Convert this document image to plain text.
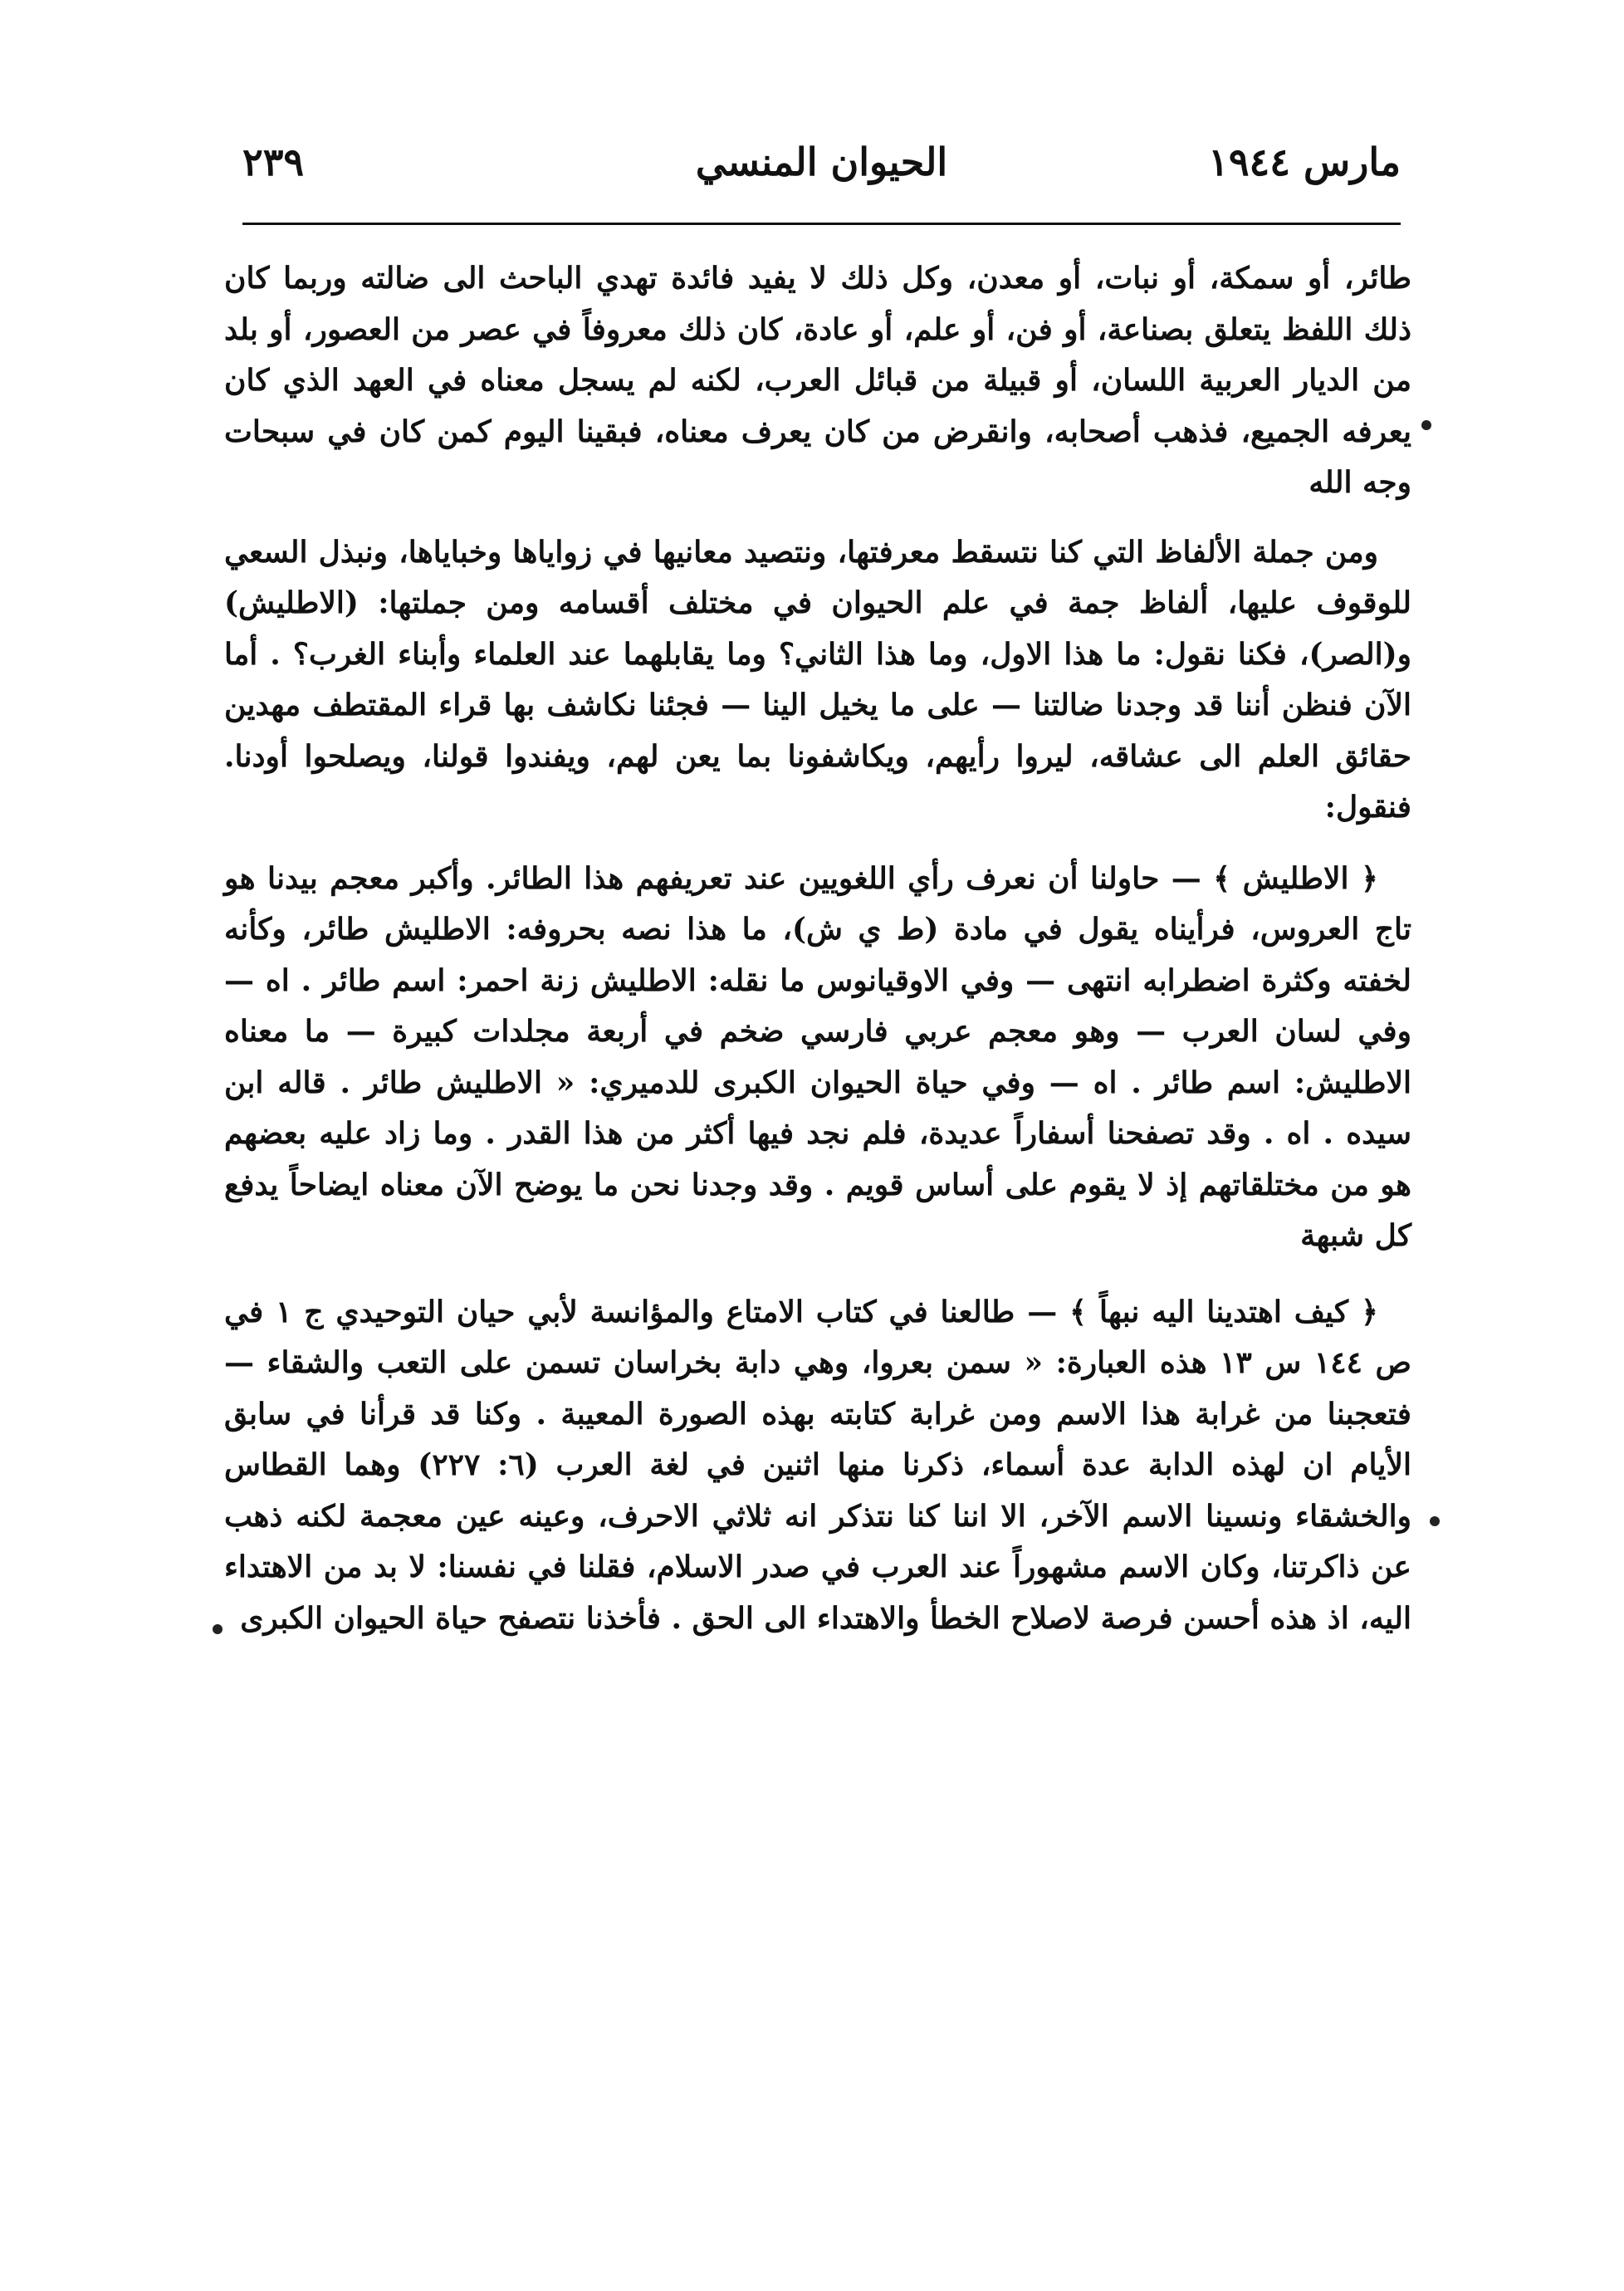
مارس ١٩٤٤
الحيوان المنسي
٢٣٩

طائر، أو سمكة، أو نبات، أو معدن، وكل ذلك لا يفيد فائدة تهدي الباحث الى ضالته وربما كان ذلك اللفظ يتعلق بصناعة، أو فن، أو علم، أو عادة، كان ذلك معروفاً في عصر من العصور، أو بلد من الديار العربية اللسان، أو قبيلة من قبائل العرب، لكنه لم يسجل معناه في العهد الذي كان يعرفه الجميع، فذهب أصحابه، وانقرض من كان يعرف معناه، فبقينا اليوم كمن كان في سبحات وجه الله

ومن جملة الألفاظ التي كنا نتسقط معرفتها، ونتصيد معانيها في زواياها وخباياها، ونبذل السعي للوقوف عليها، ألفاظ جمة في علم الحيوان في مختلف أقسامه ومن جملتها: (الاطليش) و(الصر)، فكنا نقول: ما هذا الاول، وما هذا الثاني؟ وما يقابلهما عند العلماء وأبناء الغرب؟ . أما الآن فنظن أننا قد وجدنا ضالتنا — على ما يخيل الينا — فجئنا نكاشف بها قراء المقتطف مهدين حقائق العلم الى عشاقه، ليروا رأيهم، ويكاشفونا بما يعن لهم، ويفندوا قولنا، ويصلحوا أودنا. فنقول:

﴿ الاطليش ﴾ — حاولنا أن نعرف رأي اللغويين عند تعريفهم هذا الطائر. وأكبر معجم بيدنا هو تاج العروس، فرأيناه يقول في مادة (ط ي ش)، ما هذا نصه بحروفه: الاطليش طائر، وكأنه لخفته وكثرة اضطرابه انتهى — وفي الاوقيانوس ما نقله: الاطليش زنة احمر: اسم طائر . اه — وفي لسان العرب — وهو معجم عربي فارسي ضخم في أربعة مجلدات كبيرة — ما معناه الاطليش: اسم طائر . اه — وفي حياة الحيوان الكبرى للدميري: « الاطليش طائر . قاله ابن سيده . اه . وقد تصفحنا أسفاراً عديدة، فلم نجد فيها أكثر من هذا القدر . وما زاد عليه بعضهم هو من مختلقاتهم إذ لا يقوم على أساس قويم . وقد وجدنا نحن ما يوضح الآن معناه ايضاحاً يدفع كل شبهة

﴿ كيف اهتدينا اليه نبهاً ﴾ — طالعنا في كتاب الامتاع والمؤانسة لأبي حيان التوحيدي ج ١ في ص ١٤٤ س ١٣ هذه العبارة: « سمن بعروا، وهي دابة بخراسان تسمن على التعب والشقاء — فتعجبنا من غرابة هذا الاسم ومن غرابة كتابته بهذه الصورة المعيبة . وكنا قد قرأنا في سابق الأيام ان لهذه الدابة عدة أسماء، ذكرنا منها اثنين في لغة العرب (٦: ٢٢٧) وهما القطاس والخشقاء ونسينا الاسم الآخر، الا اننا كنا نتذكر انه ثلاثي الاحرف، وعينه عين معجمة لكنه ذهب عن ذاكرتنا، وكان الاسم مشهوراً عند العرب في صدر الاسلام، فقلنا في نفسنا: لا بد من الاهتداء اليه، اذ هذه أحسن فرصة لاصلاح الخطأ والاهتداء الى الحق . فأخذنا نتصفح حياة الحيوان الكبرى
